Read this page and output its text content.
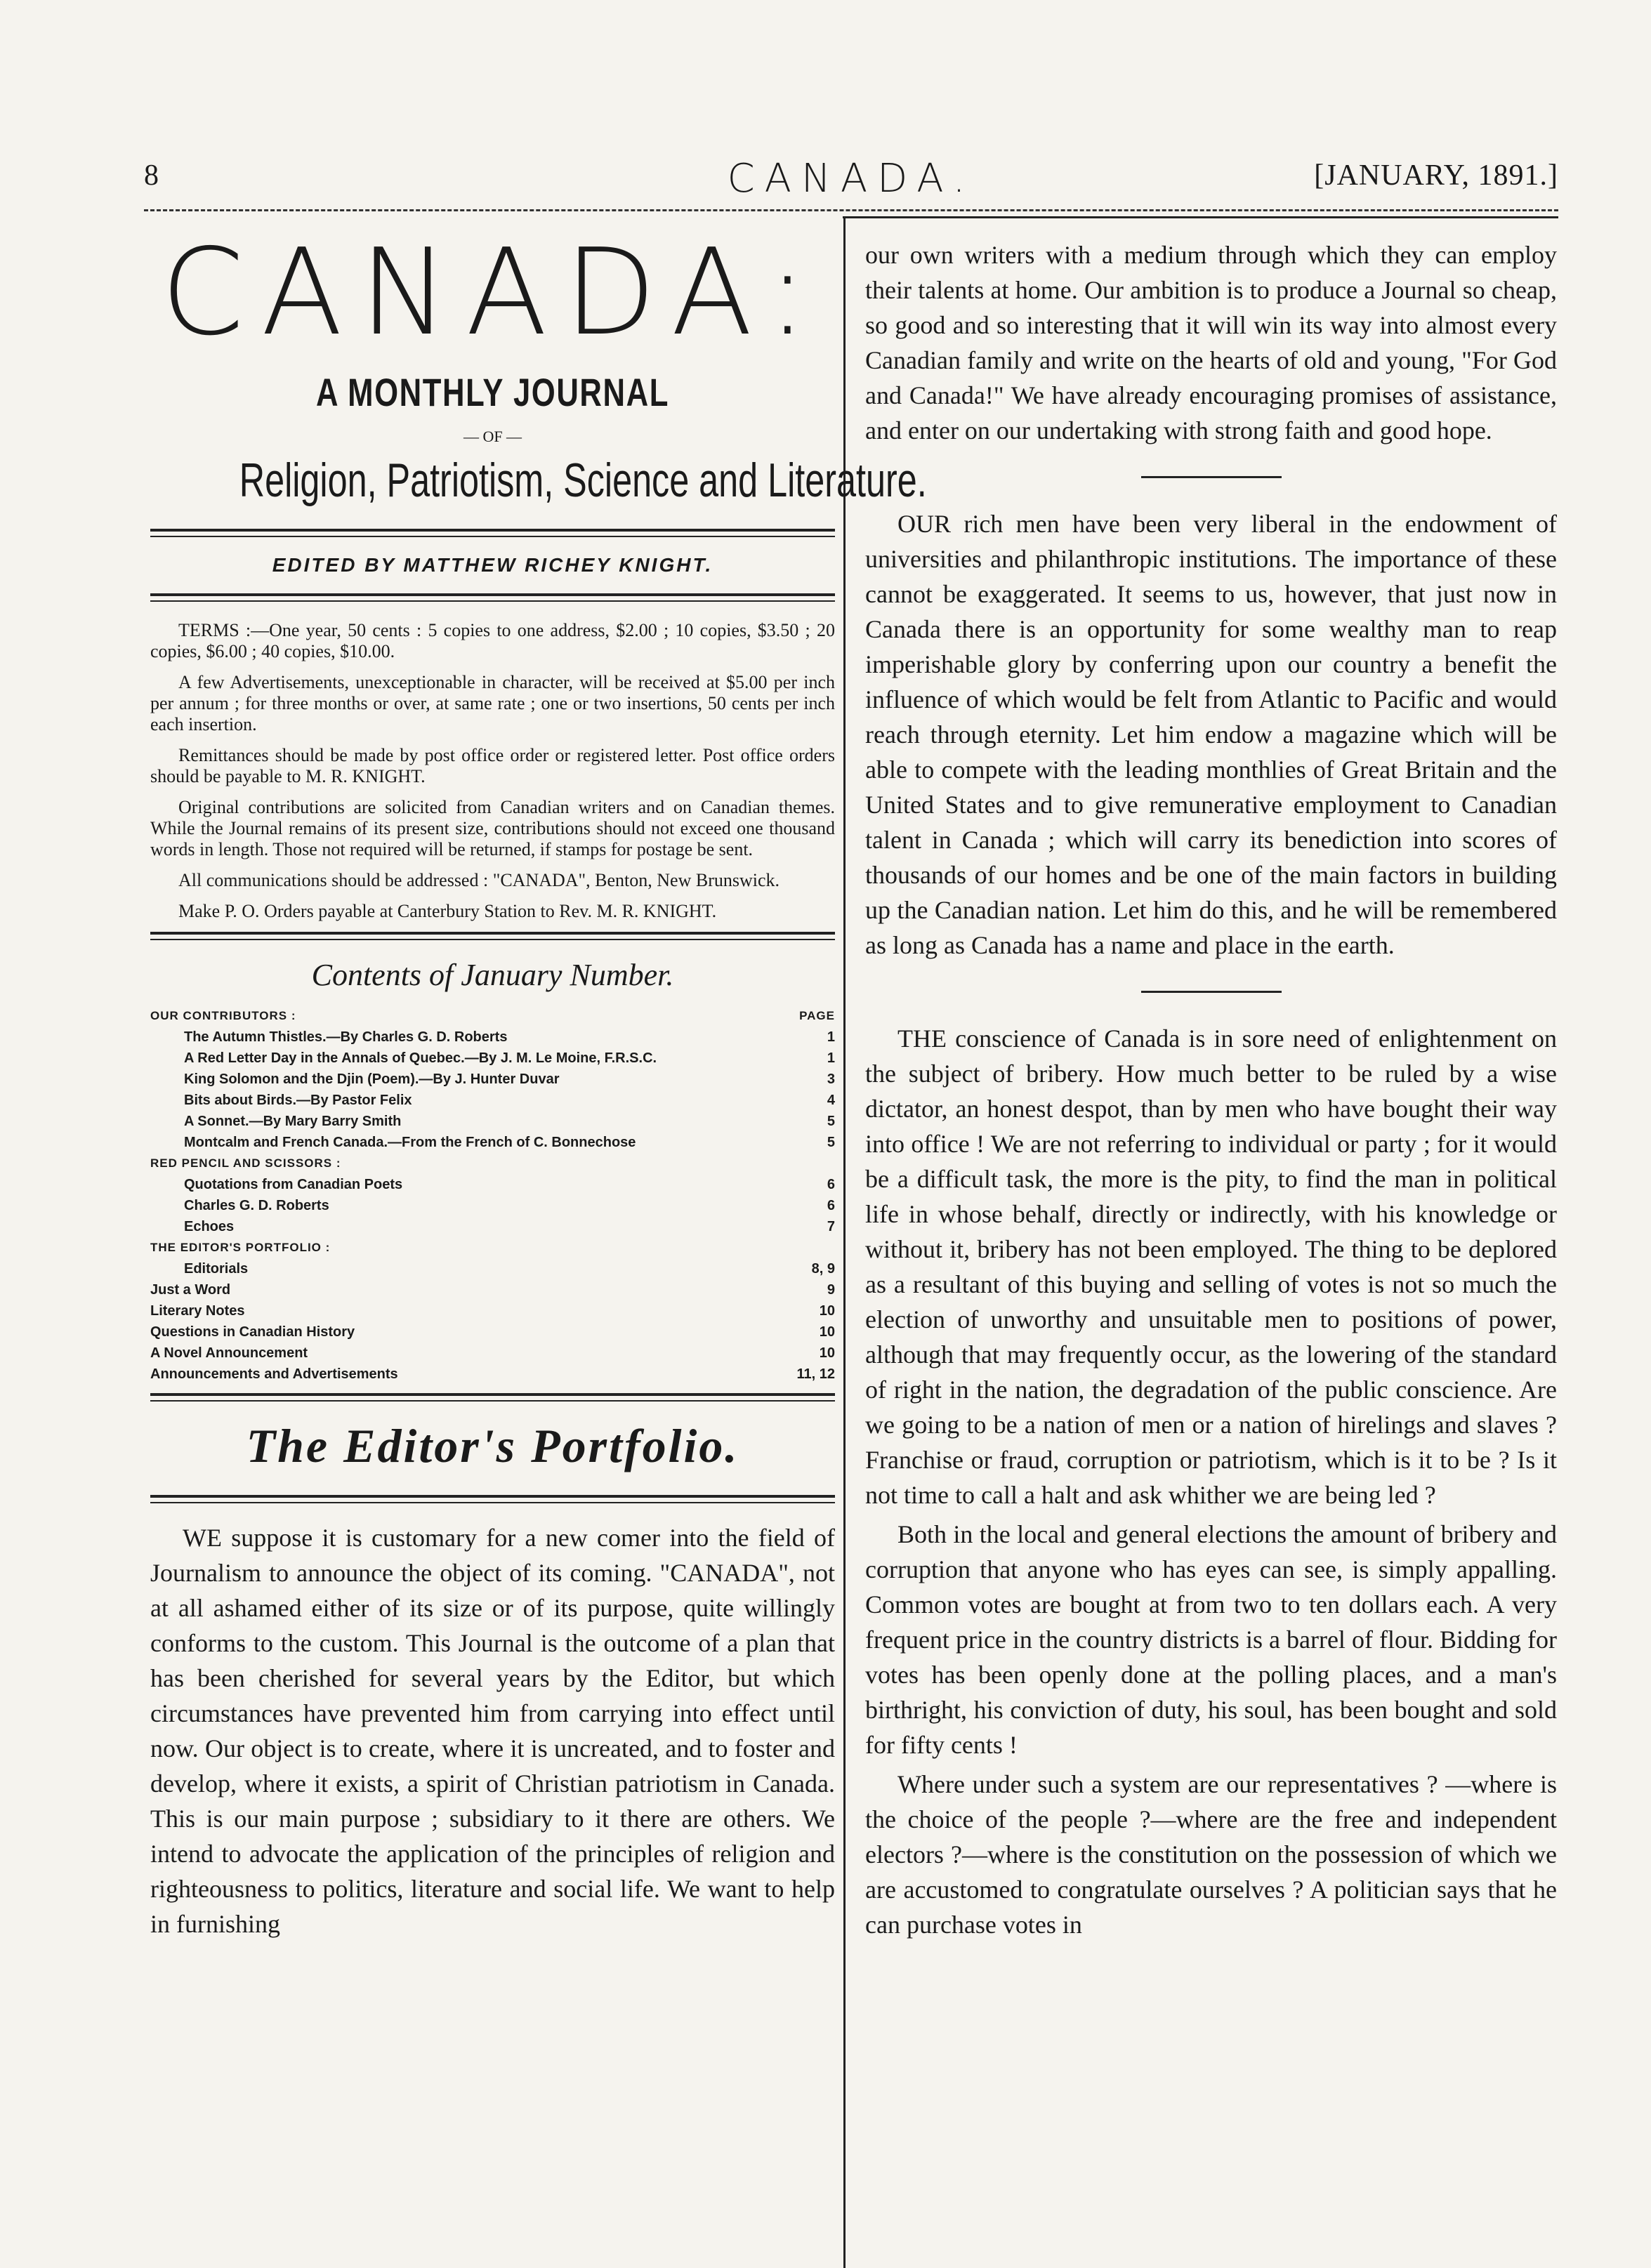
8	CANADA.	[JANUARY, 1891.]
CANADA:
A MONTHLY JOURNAL
— OF —
Religion, Patriotism, Science and Literature.
EDITED BY MATTHEW RICHEY KNIGHT.

TERMS :—One year, 50 cents : 5 copies to one address, $2.00 ; 10 copies, $3.50 ; 20 copies, $6.00 ; 40 copies, $10.00.

A few Advertisements, unexceptionable in character, will be received at $5.00 per inch per annum ; for three months or over, at same rate ; one or two insertions, 50 cents per inch each insertion.

Remittances should be made by post office order or registered letter. Post office orders should be payable to M. R. KNIGHT.

Original contributions are solicited from Canadian writers and on Canadian themes. While the Journal remains of its present size, contributions should not exceed one thousand words in length. Those not required will be returned, if stamps for postage be sent.

All communications should be addressed : "CANADA", Benton, New Brunswick.

Make P. O. Orders payable at Canterbury Station to Rev. M. R. KNIGHT.

Contents of January Number.
OUR CONTRIBUTORS :	PAGE
The Autumn Thistles.—By Charles G. D. Roberts	1
A Red Letter Day in the Annals of Quebec.—By J. M. Le Moine, F.R.S.C.	1
King Solomon and the Djin (Poem).—By J. Hunter Duvar	3
Bits about Birds.—By Pastor Felix	4
A Sonnet.—By Mary Barry Smith	5
Montcalm and French Canada.—From the French of C. Bonnechose	5
RED PENCIL AND SCISSORS :
Quotations from Canadian Poets	6
Charles G. D. Roberts	6
Echoes	7
THE EDITOR'S PORTFOLIO :
Editorials	8, 9
Just a Word	9
Literary Notes	10
Questions in Canadian History	10
A Novel Announcement	10
Announcements and Advertisements	11, 12
The Editor's Portfolio.

WE suppose it is customary for a new comer into the field of Journalism to announce the object of its coming. "CANADA", not at all ashamed either of its size or of its purpose, quite willingly conforms to the custom. This Journal is the outcome of a plan that has been cherished for several years by the Editor, but which circumstances have prevented him from carrying into effect until now. Our object is to create, where it is uncreated, and to foster and develop, where it exists, a spirit of Christian patriotism in Canada. This is our main purpose ; subsidiary to it there are others. We intend to advocate the application of the principles of religion and righteousness to politics, literature and social life. We want to help in furnishing

our own writers with a medium through which they can employ their talents at home. Our ambition is to produce a Journal so cheap, so good and so interesting that it will win its way into almost every Canadian family and write on the hearts of old and young, "For God and Canada!" We have already encouraging promises of assistance, and enter on our undertaking with strong faith and good hope.

OUR rich men have been very liberal in the endowment of universities and philanthropic institutions. The importance of these cannot be exaggerated. It seems to us, however, that just now in Canada there is an opportunity for some wealthy man to reap imperishable glory by conferring upon our country a benefit the influence of which would be felt from Atlantic to Pacific and would reach through eternity. Let him endow a magazine which will be able to compete with the leading monthlies of Great Britain and the United States and to give remunerative employment to Canadian talent in Canada ; which will carry its benediction into scores of thousands of our homes and be one of the main factors in building up the Canadian nation. Let him do this, and he will be remembered as long as Canada has a name and place in the earth.

THE conscience of Canada is in sore need of enlightenment on the subject of bribery. How much better to be ruled by a wise dictator, an honest despot, than by men who have bought their way into office ! We are not referring to individual or party ; for it would be a difficult task, the more is the pity, to find the man in political life in whose behalf, directly or indirectly, with his knowledge or without it, bribery has not been employed. The thing to be deplored as a resultant of this buying and selling of votes is not so much the election of unworthy and unsuitable men to positions of power, although that may frequently occur, as the lowering of the standard of right in the nation, the degradation of the public conscience. Are we going to be a nation of men or a nation of hirelings and slaves ? Franchise or fraud, corruption or patriotism, which is it to be ? Is it not time to call a halt and ask whither we are being led ?

Both in the local and general elections the amount of bribery and corruption that anyone who has eyes can see, is simply appalling. Common votes are bought at from two to ten dollars each. A very frequent price in the country districts is a barrel of flour. Bidding for votes has been openly done at the polling places, and a man's birthright, his conviction of duty, his soul, has been bought and sold for fifty cents !

Where under such a system are our representatives ? —where is the choice of the people ?—where are the free and independent electors ?—where is the constitution on the possession of which we are accustomed to congratulate ourselves ? A politician says that he can purchase votes in
